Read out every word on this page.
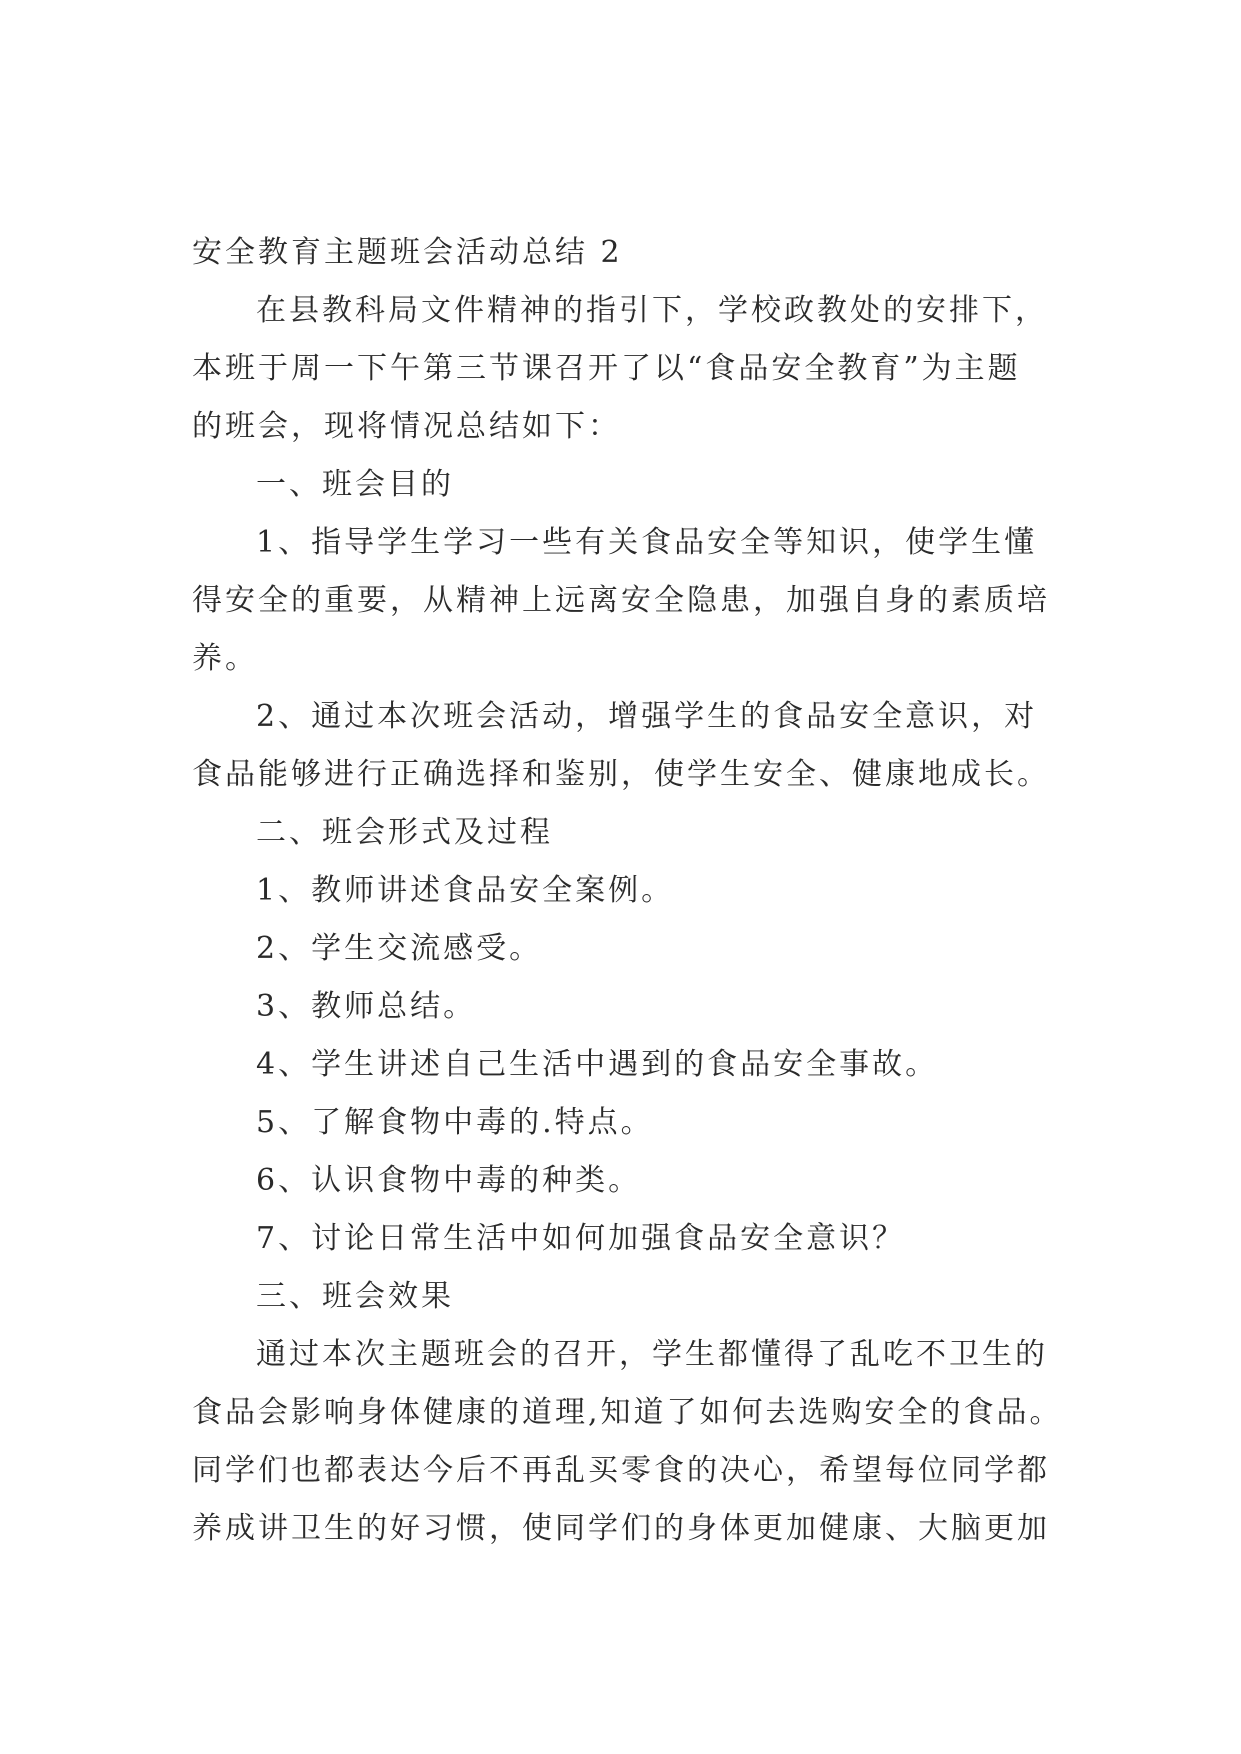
安全教育主题班会活动总结 2
在县教科局文件精神的指引下，学校政教处的安排下，
本班于周一下午第三节课召开了以“食品安全教育”为主题
的班会，现将情况总结如下：
一、班会目的
1、指导学生学习一些有关食品安全等知识，使学生懂
得安全的重要，从精神上远离安全隐患，加强自身的素质培
养。
2、通过本次班会活动，增强学生的食品安全意识，对
食品能够进行正确选择和鉴别，使学生安全、健康地成长。
二、班会形式及过程
1、教师讲述食品安全案例。
2、学生交流感受。
3、教师总结。
4、学生讲述自己生活中遇到的食品安全事故。
5、了解食物中毒的.特点。
6、认识食物中毒的种类。
7、讨论日常生活中如何加强食品安全意识？
三、班会效果
通过本次主题班会的召开，学生都懂得了乱吃不卫生的
食品会影响身体健康的道理,知道了如何去选购安全的食品。
同学们也都表达今后不再乱买零食的决心，希望每位同学都
养成讲卫生的好习惯，使同学们的身体更加健康、大脑更加
